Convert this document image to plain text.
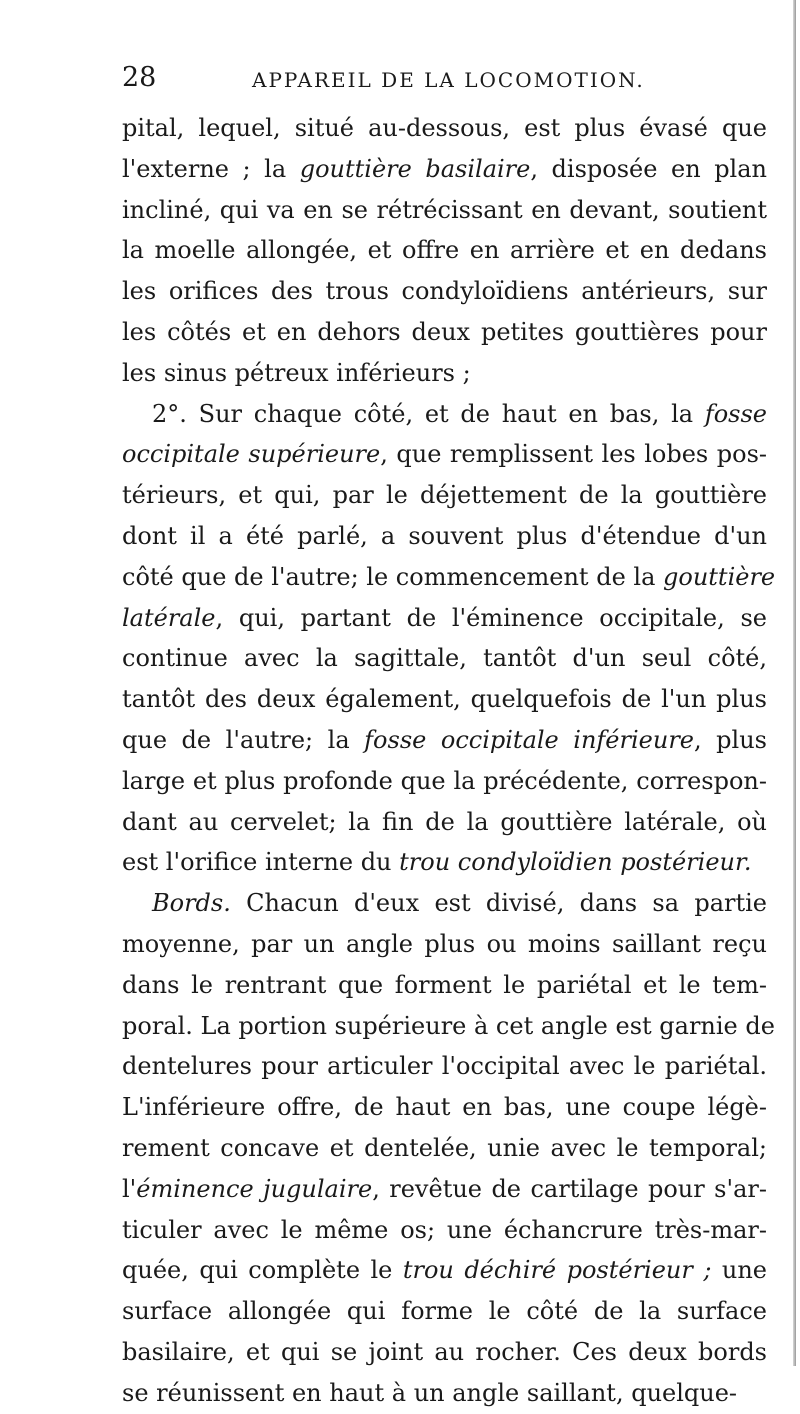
28	APPAREIL DE LA LOCOMOTION.
pital, lequel, situé au-dessous, est plus évasé que
l'externe ; la gouttière basilaire, disposée en plan
incliné, qui va en se rétrécissant en devant, soutient
la moelle allongée, et offre en arrière et en dedans
les orifices des trous condyloïdiens antérieurs, sur
les côtés et en dehors deux petites gouttières pour
les sinus pétreux inférieurs ;
2°. Sur chaque côté, et de haut en bas, la fosse
occipitale supérieure, que remplissent les lobes pos-
térieurs, et qui, par le déjettement de la gouttière
dont il a été parlé, a souvent plus d'étendue d'un
côté que de l'autre; le commencement de la gouttière
latérale, qui, partant de l'éminence occipitale, se
continue avec la sagittale, tantôt d'un seul côté,
tantôt des deux également, quelquefois de l'un plus
que de l'autre; la fosse occipitale inférieure, plus
large et plus profonde que la précédente, correspon-
dant au cervelet; la fin de la gouttière latérale, où
est l'orifice interne du trou condyloïdien postérieur.
Bords. Chacun d'eux est divisé, dans sa partie
moyenne, par un angle plus ou moins saillant reçu
dans le rentrant que forment le pariétal et le tem-
poral. La portion supérieure à cet angle est garnie de
dentelures pour articuler l'occipital avec le pariétal.
L'inférieure offre, de haut en bas, une coupe légè-
rement concave et dentelée, unie avec le temporal;
l'éminence jugulaire, revêtue de cartilage pour s'ar-
ticuler avec le même os; une échancrure très-mar-
quée, qui complète le trou déchiré postérieur ; une
surface allongée qui forme le côté de la surface
basilaire, et qui se joint au rocher. Ces deux bords
se réunissent en haut à un angle saillant, quelque-
